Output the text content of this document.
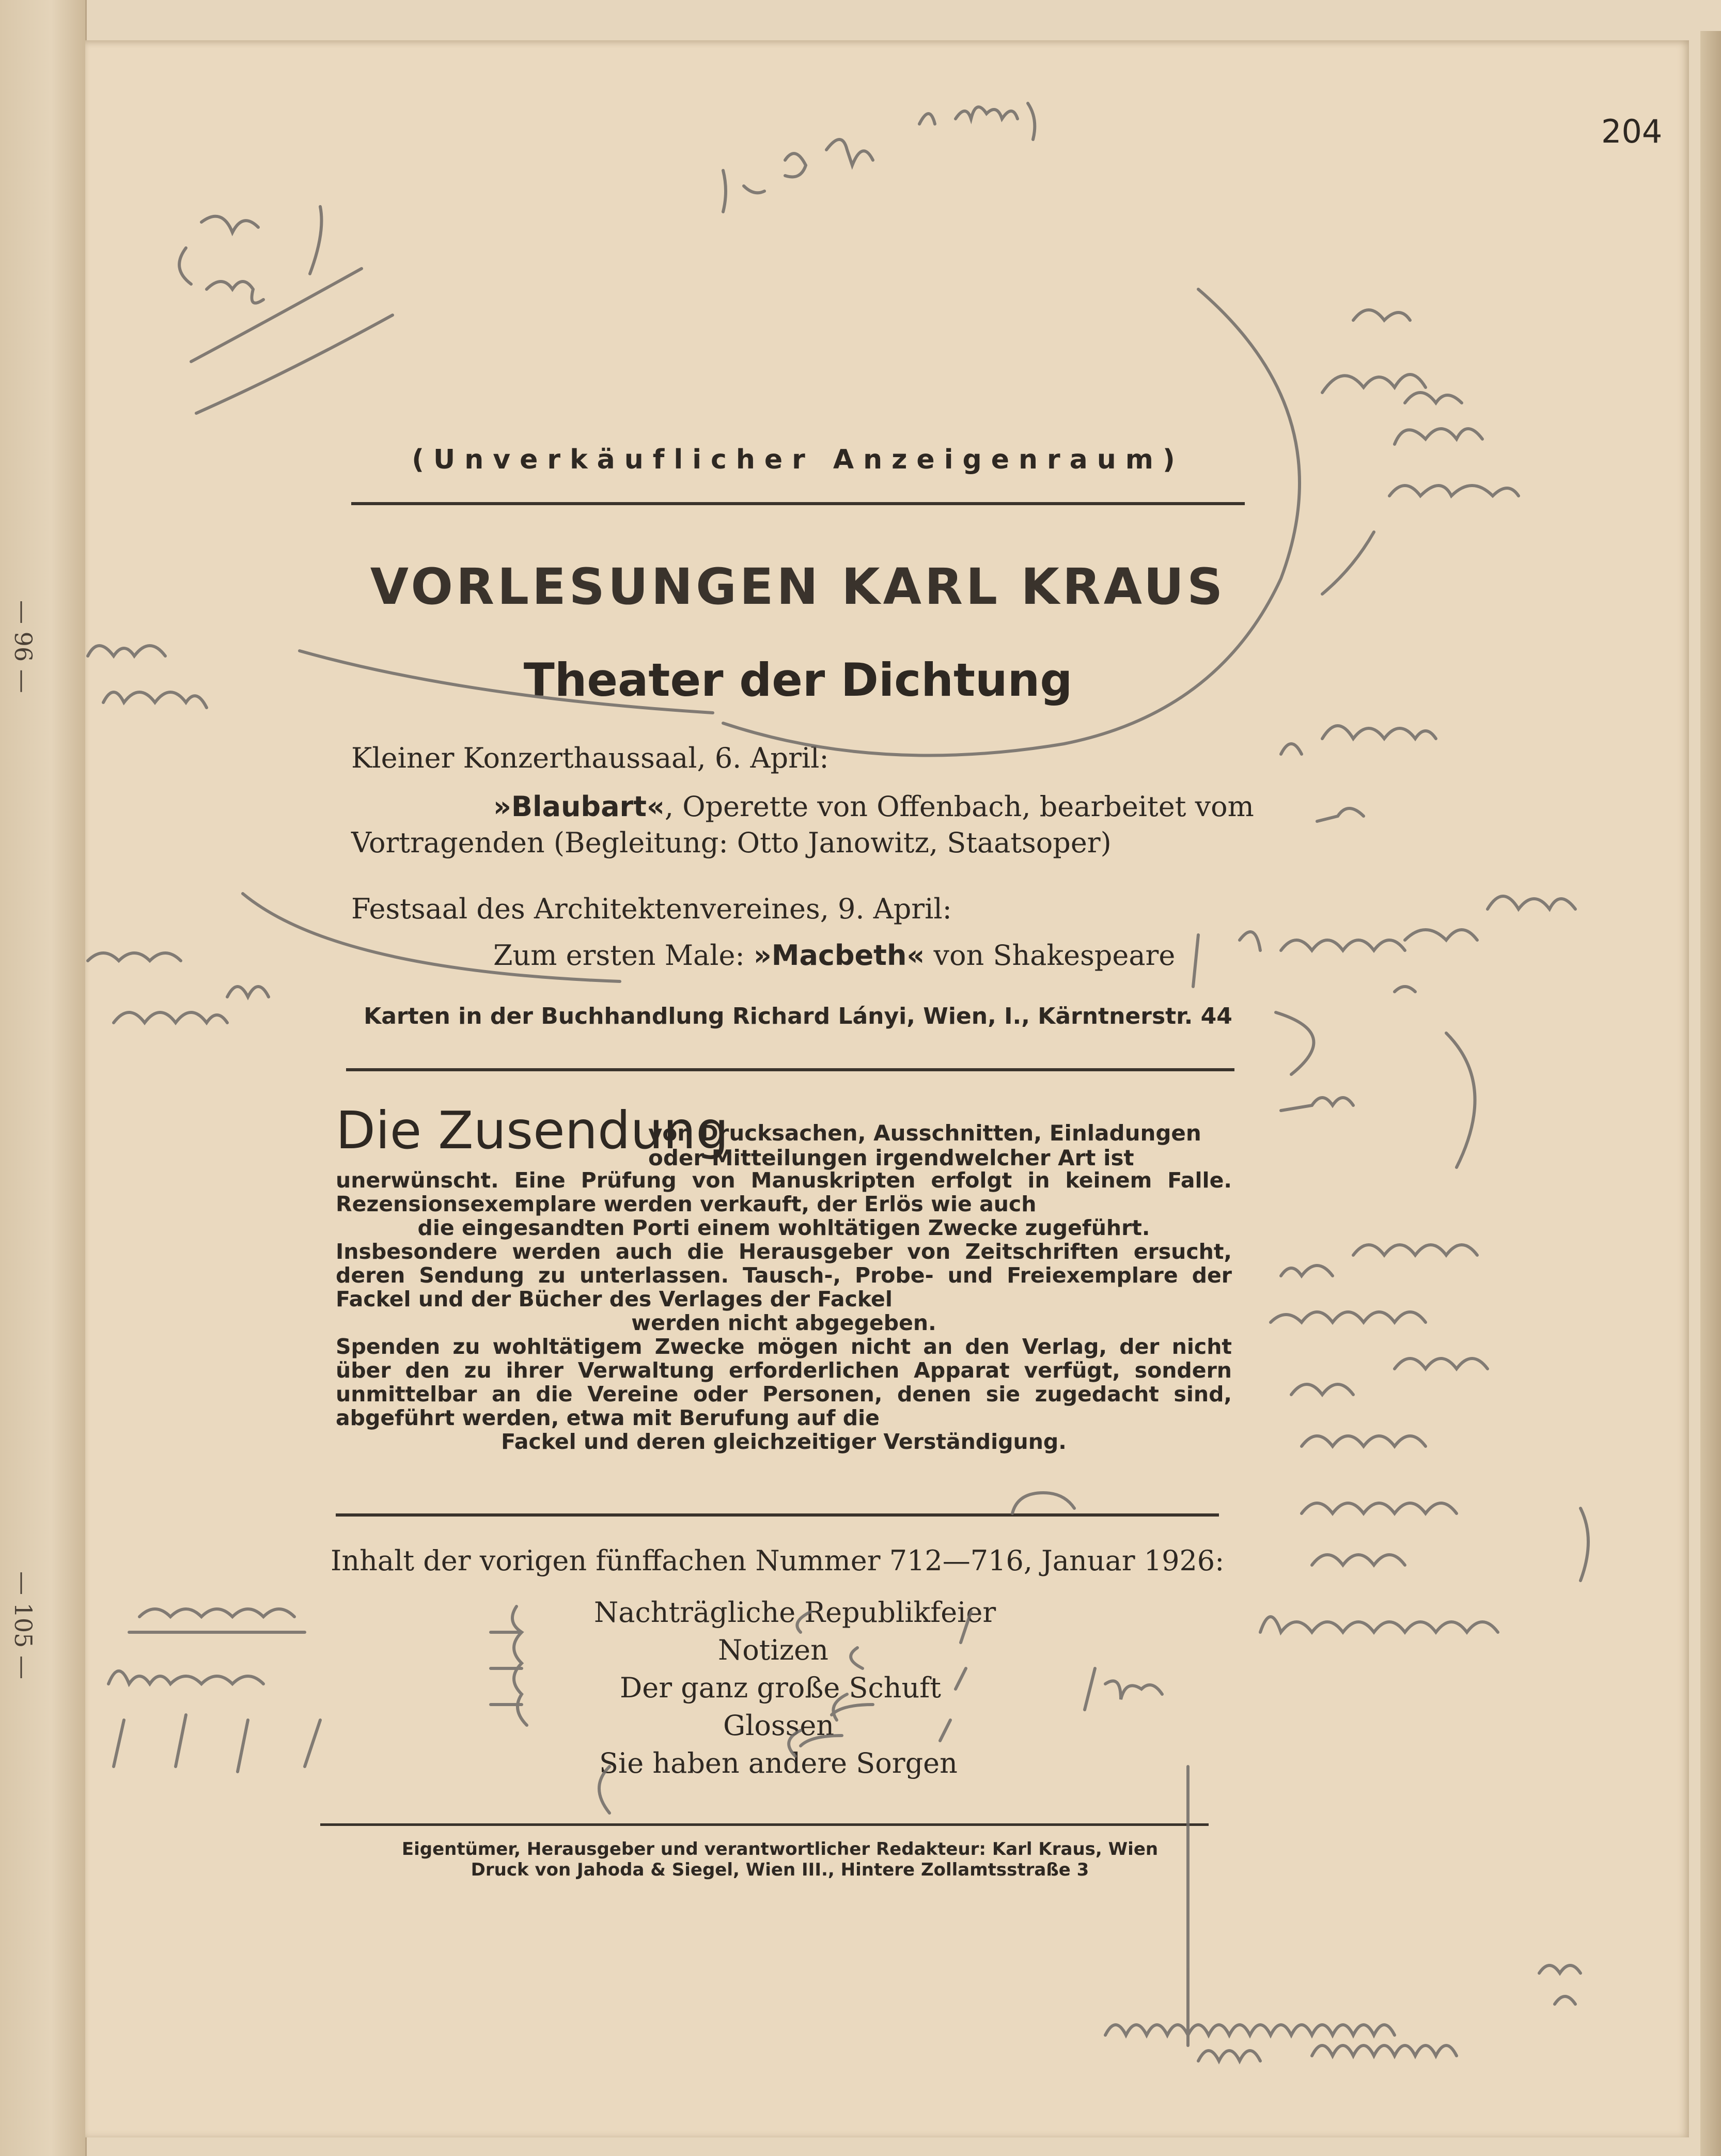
— 96 —
— 105 —
204
(Unverkäuflicher Anzeigenraum)
VORLESUNGEN KARL KRAUS
Theater der Dichtung
Kleiner Konzerthaussaal, 6. April:
»Blaubart«, Operette von Offenbach, bearbeitet vom
Vortragenden (Begleitung: Otto Janowitz, Staatsoper)
Festsaal des Architektenvereines, 9. April:
Zum ersten Male: »Macbeth« von Shakespeare
Karten in der Buchhandlung Richard Lányi, Wien, I., Kärntnerstr. 44
Die Zusendung
von Drucksachen, Ausschnitten, Einladungen
oder Mitteilungen irgendwelcher Art ist

unerwünscht. Eine Prüfung von Manuskripten erfolgt in keinem Falle. Rezensionsexemplare werden verkauft, der Erlös wie auch

die eingesandten Porti einem wohltätigen Zwecke zugeführt.

Insbesondere werden auch die Herausgeber von Zeitschriften ersucht, deren Sendung zu unterlassen. Tausch-, Probe- und Freiexemplare der Fackel und der Bücher des Verlages der Fackel

werden nicht abgegeben.

Spenden zu wohltätigem Zwecke mögen nicht an den Verlag, der nicht über den zu ihrer Verwaltung erforderlichen Apparat verfügt, sondern unmittelbar an die Vereine oder Personen, denen sie zugedacht sind, abgeführt werden, etwa mit Berufung auf die

Fackel und deren gleichzeitiger Verständigung.

Inhalt der vorigen fünffachen Nummer 712—716, Januar 1926:
Nachträgliche Republikfeier
Notizen
Der ganz große Schuft
Glossen
Sie haben andere Sorgen
Eigentümer, Herausgeber und verantwortlicher Redakteur: Karl Kraus, Wien
Druck von Jahoda & Siegel, Wien III., Hintere Zollamtsstraße 3
